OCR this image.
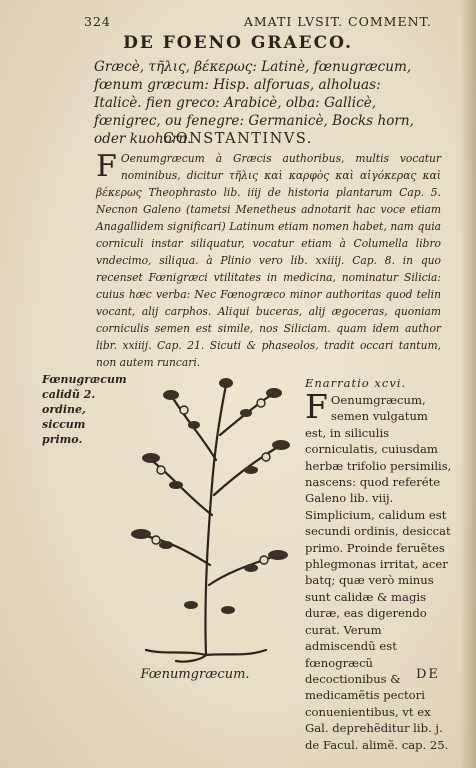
324	AMATI LVSIT. COMMENT.
DE FOENO GRAECO.
Græcè, τῆλις, βέκερως: Latinè, fœnugræcum, fœnum græcum: Hisp. alforuas, alholuas: Italicè. fien greco: Arabicè, olba: Gallicè, fœnigrec, ou fenegre: Germanicè, Bocks horn, oder kuohorn.
CONSTANTINVS.
F Oenumgræcum à Græcis authoribus, multis vocatur nominibus, dicitur τῆλις καὶ καρφὸς καὶ αἰγόκερας καὶ βέκερως Theophrasto lib. iiij de historia plantarum Cap. 5. Necnon Galeno (tametsi Menetheus adnotarit hac voce etiam Anagallidem significari) Latinum etiam nomen habet, nam quia corniculi instar siliquatur, vocatur etiam à Columella libro vndecimo, siliqua. à Plinio vero lib. xxiiij. Cap. 8. in quo recenset Fœnigræci vtilitates in medicina, nominatur Silicia: cuius hæc verba: Nec Fœnogræco minor authoritas quod telin vocant, alij carphos. Aliqui buceras, alij ægoceras, quoniam corniculis semen est simile, nos Siliciam. quam idem author libr. xxiiij. Cap. 21. Sicuti & phaseolos, tradit occari tantum, non autem runcari.
Fœnugræcum calidũ 2. ordine, siccum primo.
Fœnumgræcum.
Enarratio xcvi.
F Oenumgræcum, semen vulgatum est, in siliculis corniculatis, cuiusdam herbæ trifolio persimilis, nascens: quod referéte Galeno lib. viij. Simplicium, calidum est secundi ordinis, desiccat primo. Proinde feruẽtes phlegmonas irritat, acer batq; quæ verò minus sunt calidæ & magis duræ, eas digerendo curat. Verum admiscendũ est fœnogræcũ decoctionibus & medicamẽtis pectori conuenientibus, vt ex Gal. deprehẽditur lib. j. de Facul. alimẽ. cap. 25.
DE
